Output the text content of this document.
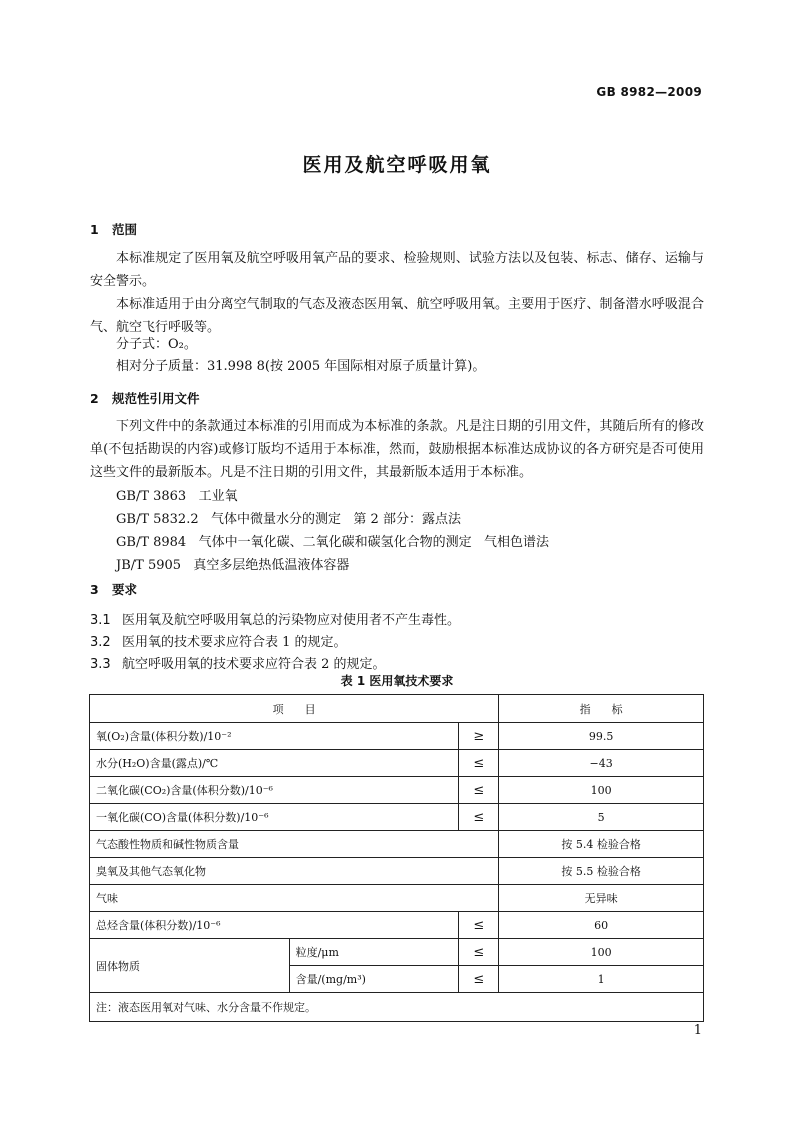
GB 8982—2009
医用及航空呼吸用氧
1 范围
本标准规定了医用氧及航空呼吸用氧产品的要求、检验规则、试验方法以及包装、标志、储存、运输与安全警示。
本标准适用于由分离空气制取的气态及液态医用氧、航空呼吸用氧。主要用于医疗、制备潜水呼吸混合气、航空飞行呼吸等。
分子式：O₂。
相对分子质量：31.998 8(按 2005 年国际相对原子质量计算)。
2 规范性引用文件
下列文件中的条款通过本标准的引用而成为本标准的条款。凡是注日期的引用文件，其随后所有的修改单(不包括勘误的内容)或修订版均不适用于本标准，然而，鼓励根据本标准达成协议的各方研究是否可使用这些文件的最新版本。凡是不注日期的引用文件，其最新版本适用于本标准。
GB/T 3863   工业氧
GB/T 5832.2   气体中微量水分的测定   第 2 部分：露点法
GB/T 8984   气体中一氧化碳、二氧化碳和碳氢化合物的测定   气相色谱法
JB/T 5905   真空多层绝热低温液体容器
3 要求
3.1 医用氧及航空呼吸用氧总的污染物应对使用者不产生毒性。
3.2 医用氧的技术要求应符合表 1 的规定。
3.3 航空呼吸用氧的技术要求应符合表 2 的规定。
表 1 医用氧技术要求
项      目			指      标
氧(O₂)含量(体积分数)/10⁻²		≥	99.5
水分(H₂O)含量(露点)/℃		≤	−43
二氧化碳(CO₂)含量(体积分数)/10⁻⁶		≤	100
一氧化碳(CO)含量(体积分数)/10⁻⁶		≤	5
气态酸性物质和碱性物质含量			按 5.4 检验合格
臭氧及其他气态氧化物			按 5.5 检验合格
气味			无异味
总烃含量(体积分数)/10⁻⁶		≤	60
固体物质	粒度/μm	≤	100
	含量/(mg/m³)	≤	1
注：液态医用氧对气味、水分含量不作规定。			
1
